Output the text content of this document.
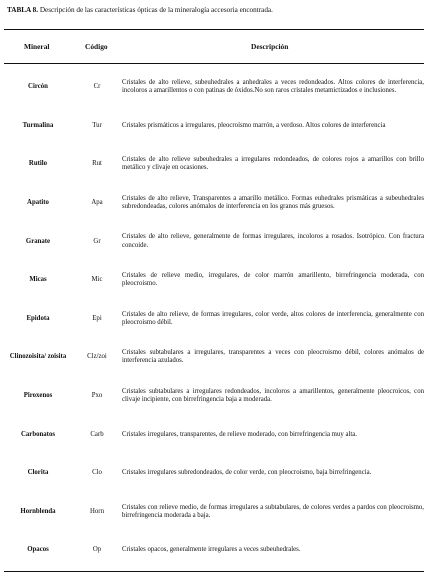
TABLA 8. Descripción de las características ópticas de la mineralogía accesoria encontrada.
Mineral	Código	Descripción
Circón	Cr	Cristales de alto relieve, subeuhedrales a anhedrales a veces redondeados. Altos colores de interferencia, incoloros a amarillentos o con patinas de óxidos.No son raros cristales metamictizados e inclusiones.
Turmalina	Tur	Cristales prismáticos a irregulares, pleocroísmo marrón, a verdoso. Altos colores de interferencia
Rutilo	Rut	Cristales de alto relieve subeuhedrales a irregulares redondeados, de colores rojos a amarillos con brillo metálico y clivaje en ocasiones.
Apatito	Apa	Cristales de alto relieve, Transparentes a amarillo metálico. Formas euhedrales prismáticas a subeuhedrales subredondeadas, colores anómalos de interferencia en los granos más gruesos.
Granate	Gr	Cristales de alto relieve, generalmente de formas irregulares, incoloros a rosados. Isotrópico. Con fractura concoide.
Micas	Mic	Cristales de relieve medio, irregulares, de color marrón amarillento, birrefringencia moderada, con pleocroismo.
Epidota	Epi	Cristales de alto relieve, de formas irregulares, color verde, altos colores de interferencia, generalmente con pleocroismo débil.
Clinozoisita/ zoisita	Clz/zoi	Cristales subtabulares a irregulares, transparentes a veces con pleocroismo débil, colores anómalos de interferencia azulados.
Piroxenos	Pxo	Cristales subtabulares a irregulares redondeados, incoloros a amarillentos, generalmente pleocroicos, con clivaje incipiente, con birrefringencia baja a moderada.
Carbonatos	Carb	Cristales irregulares, transparentes, de relieve moderado, con birrefringencia muy alta.
Clorita	Clo	Cristales irregulares subredondeados, de color verde, con pleocroismo, baja birrefringencia.
Hornblenda	Horn	Cristales con relieve medio, de formas irregulares a subtabulares, de colores verdes a pardos con pleocroismo, birrefringencia moderada a baja.
Opacos	Op	Cristales opacos, generalmente irregulares a veces subeuhedrales.
